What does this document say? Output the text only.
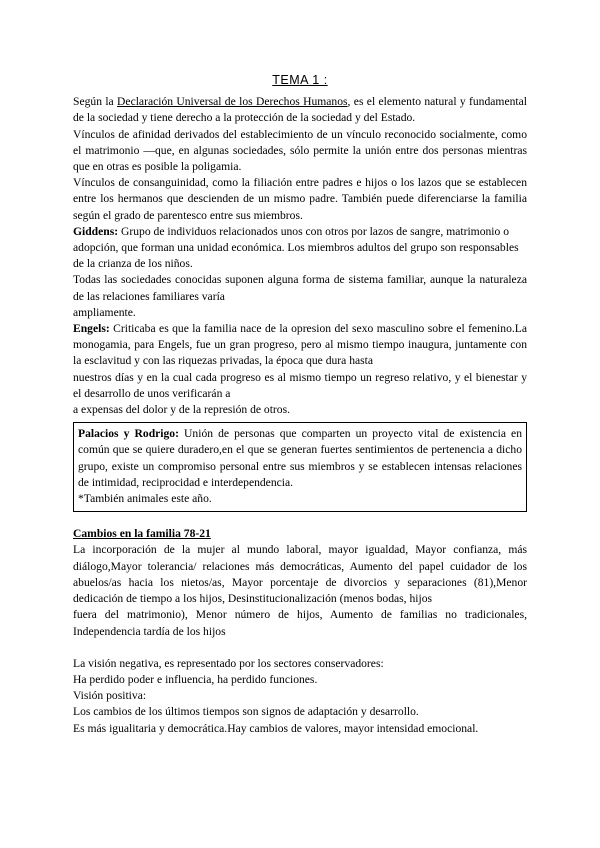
TEMA 1 :

Según la Declaración Universal de los Derechos Humanos, es el elemento natural y fundamental de la sociedad y tiene derecho a la protección de la sociedad y del Estado.

Vínculos de afinidad derivados del establecimiento de un vínculo reconocido socialmente, como el matrimonio —que, en algunas sociedades, sólo permite la unión entre dos personas mientras que en otras es posible la poligamia.

Vínculos de consanguinidad, como la filiación entre padres e hijos o los lazos que se establecen entre los hermanos que descienden de un mismo padre. También puede diferenciarse la familia según el grado de parentesco entre sus miembros.

Giddens: Grupo de individuos relacionados unos con otros por lazos de sangre, matrimonio o adopción, que forman una unidad económica. Los miembros adultos del grupo son responsables de la crianza de los niños.

Todas las sociedades conocidas suponen alguna forma de sistema familiar, aunque la naturaleza de las relaciones familiares varía

ampliamente.

Engels: Criticaba es que la familia nace de la opresion del sexo masculino sobre el femenino.La monogamia, para Engels, fue un gran progreso, pero al mismo tiempo inaugura, juntamente con la esclavitud y con las riquezas privadas, la época que dura hasta

nuestros días y en la cual cada progreso es al mismo tiempo un regreso relativo, y el bienestar y el desarrollo de unos verificarán a

a expensas del dolor y de la represión de otros.

Palacios y Rodrigo: Unión de personas que comparten un proyecto vital de existencia en común que se quiere duradero,en el que se generan fuertes sentimientos de pertenencia a dicho grupo, existe un compromiso personal entre sus miembros y se establecen intensas relaciones de intimidad, reciprocidad e interdependencia.

*También animales este año.

Cambios en la familia 78-21

La incorporación de la mujer al mundo laboral, mayor igualdad, Mayor confianza, más diálogo,Mayor tolerancia/ relaciones más democráticas, Aumento del papel cuidador de los abuelos/as hacia los nietos/as, Mayor porcentaje de divorcios y separaciones (81),Menor dedicación de tiempo a los hijos, Desinstitucionalización (menos bodas, hijos

fuera del matrimonio), Menor número de hijos, Aumento de familias no tradicionales, Independencia tardía de los hijos

La visión negativa, es representado por los sectores conservadores:

Ha perdido poder e influencia, ha perdido funciones.

Visión positiva:

Los cambios de los últimos tiempos son signos de adaptación y desarrollo.

Es más igualitaria y democrática.Hay cambios de valores, mayor intensidad emocional.
